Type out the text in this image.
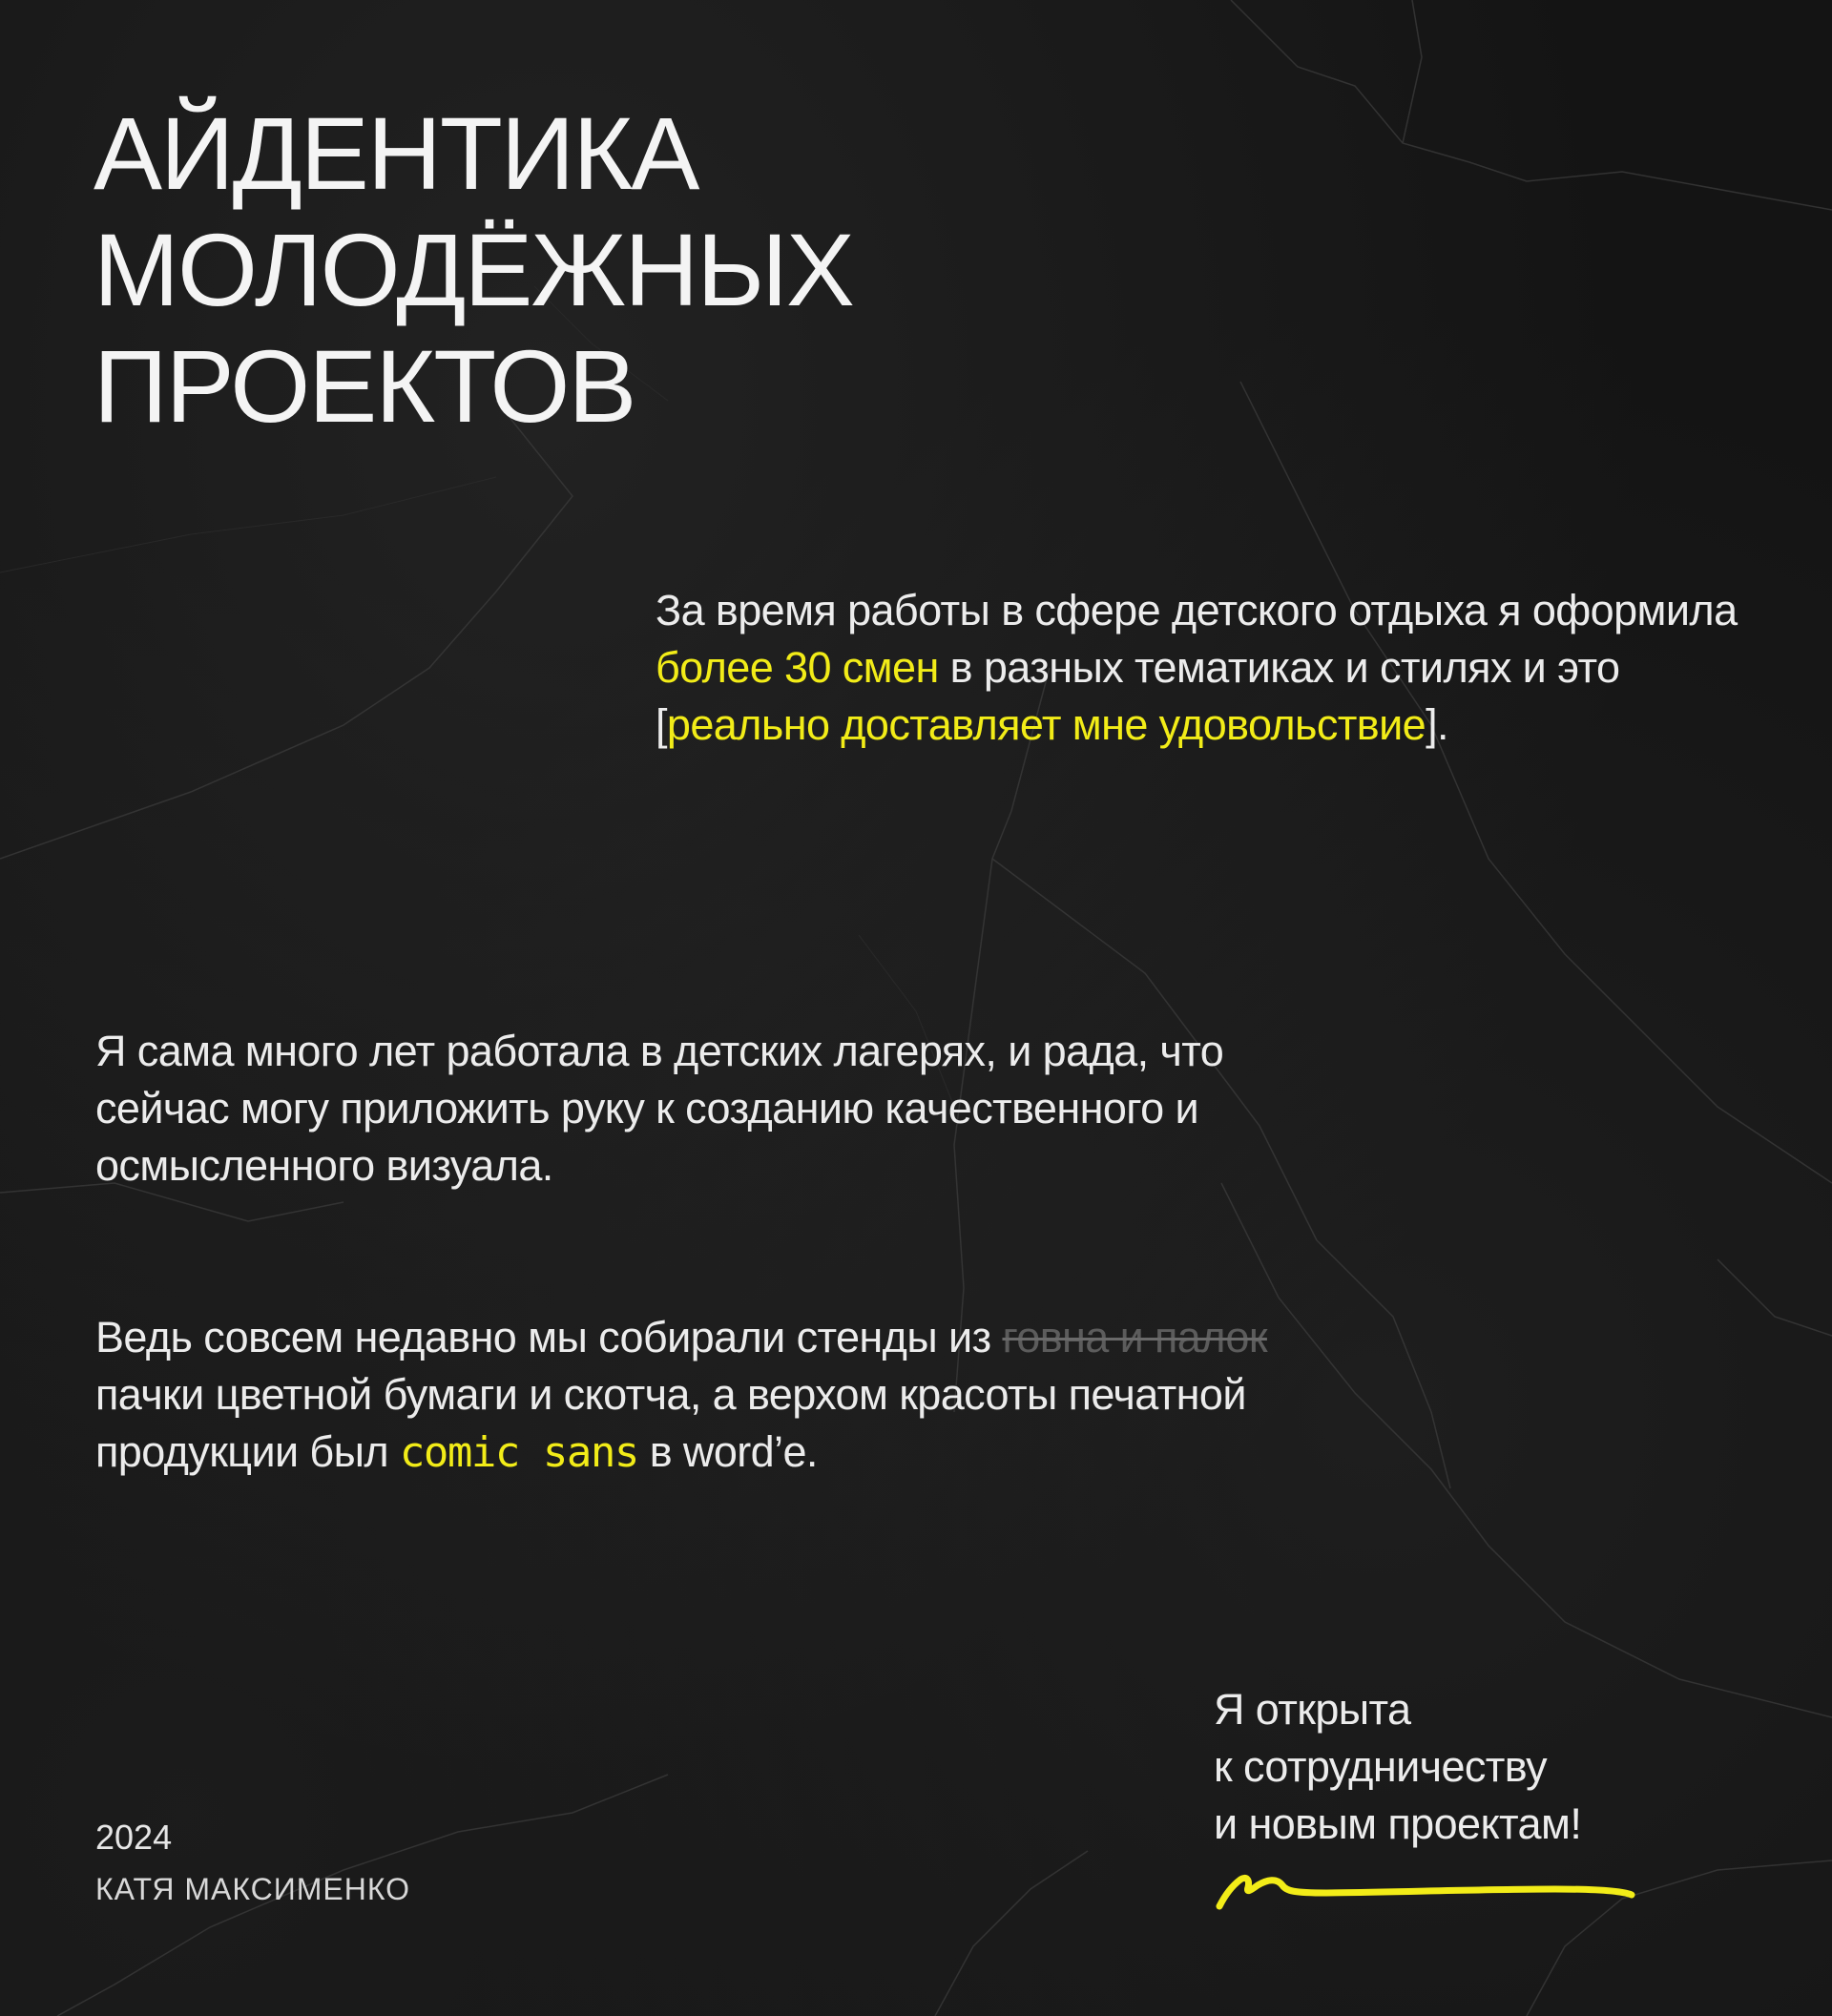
АЙДЕНТИКА
МОЛОДЁЖНЫХ
ПРОЕКТОВ

За время работы в сфере детского отдыха я оформила более 30 смен в разных тематиках и стилях и это [реально доставляет мне удовольствие].

Я сама много лет работала в детских лагерях, и рада, что сейчас могу приложить руку к созданию качественного и осмысленного визуала.

Ведь совсем недавно мы собирали стенды из говна и палок пачки цветной бумаги и скотча, а верхом красоты печатной продукции был comic sans в word’e.

2024

КАТЯ МАКСИМЕНКО

Я открыта
к сотрудничеству
и новым проектам!
